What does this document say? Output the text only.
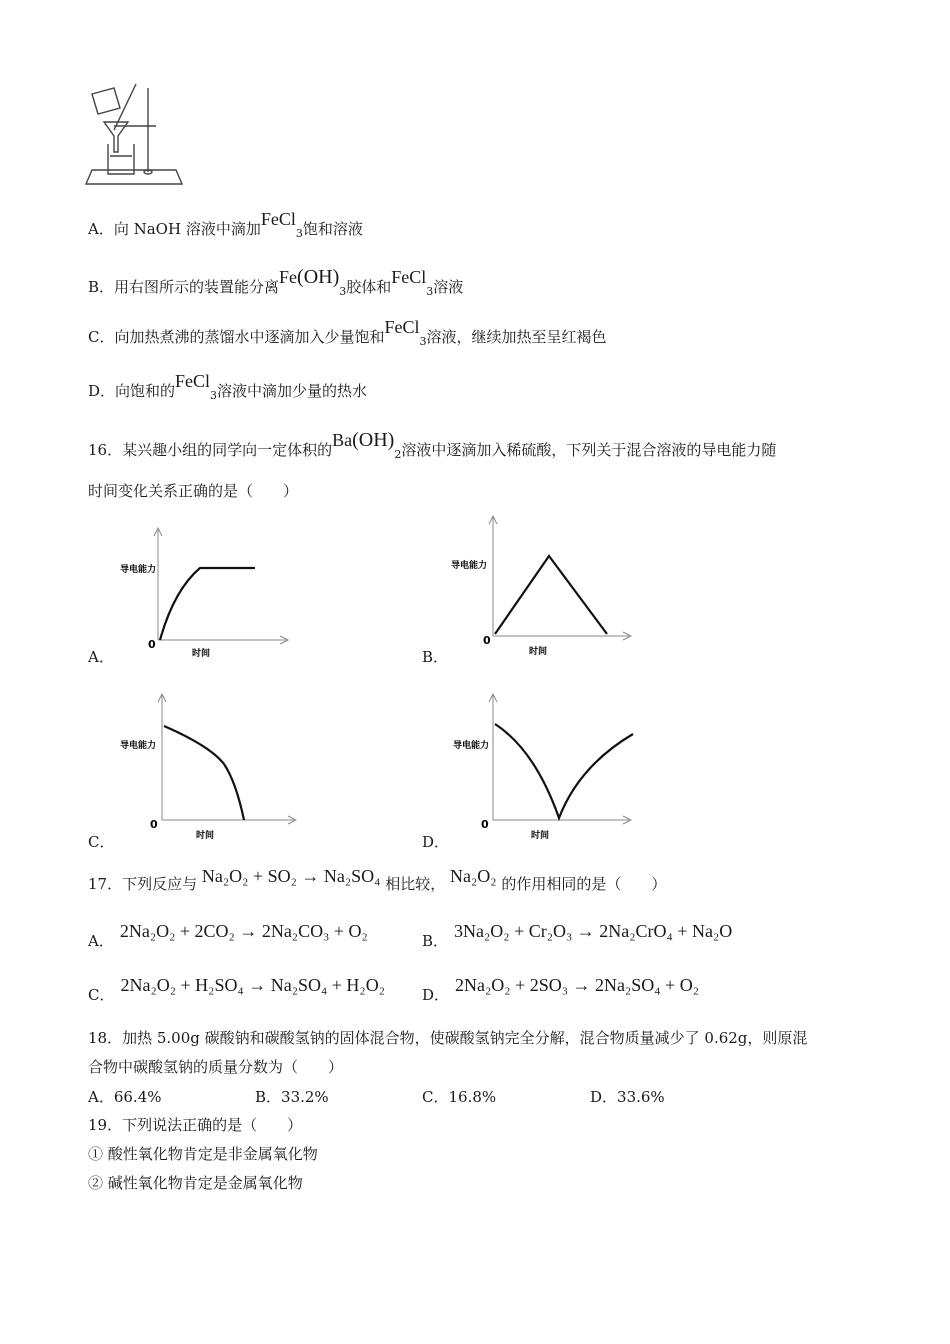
A．向 NaOH 溶液中滴加FeCl$_3$饱和溶液
B．用右图所示的装置能分离$Fe(OH)_3$胶体和FeCl$_3$溶液
C．向加热煮沸的蒸馏水中逐滴加入少量饱和FeCl$_3$溶液，继续加热至呈红褐色
D．向饱和的FeCl$_3$溶液中滴加少量的热水
16．某兴趣小组的同学向一定体积的$Ba(OH)_2$溶液中逐滴加入稀硫酸，下列关于混合溶液的导电能力随
时间变化关系正确的是（　　）
A．
导电能力
0
时间	B．
导电能力
0
时间
C．
导电能力
0
时间	D．
导电能力
0
时间
17．下列反应与 Na₂O₂ + SO₂ → Na₂SO₄ 相比较， Na₂O₂ 的作用相同的是（　　）
A． 2Na₂O₂ + 2CO₂ → 2Na₂CO₃ + O₂	B． 3Na₂O₂ + Cr₂O₃ → 2Na₂CrO₄ + Na₂O
C． 2Na₂O₂ + H₂SO₄ → Na₂SO₄ + H₂O₂ D． 2Na₂O₂ + 2SO₃ → 2Na₂SO₄ + O₂
18．加热 5.00g 碳酸钠和碳酸氢钠的固体混合物，使碳酸氢钠完全分解，混合物质量减少了 0.62g，则原混
合物中碳酸氢钠的质量分数为（　　）
A．66.4%	B．33.2%	C．16.8%	D．33.6%
19．下列说法正确的是（　　）
① 酸性氧化物肯定是非金属氧化物
② 碱性氧化物肯定是金属氧化物
